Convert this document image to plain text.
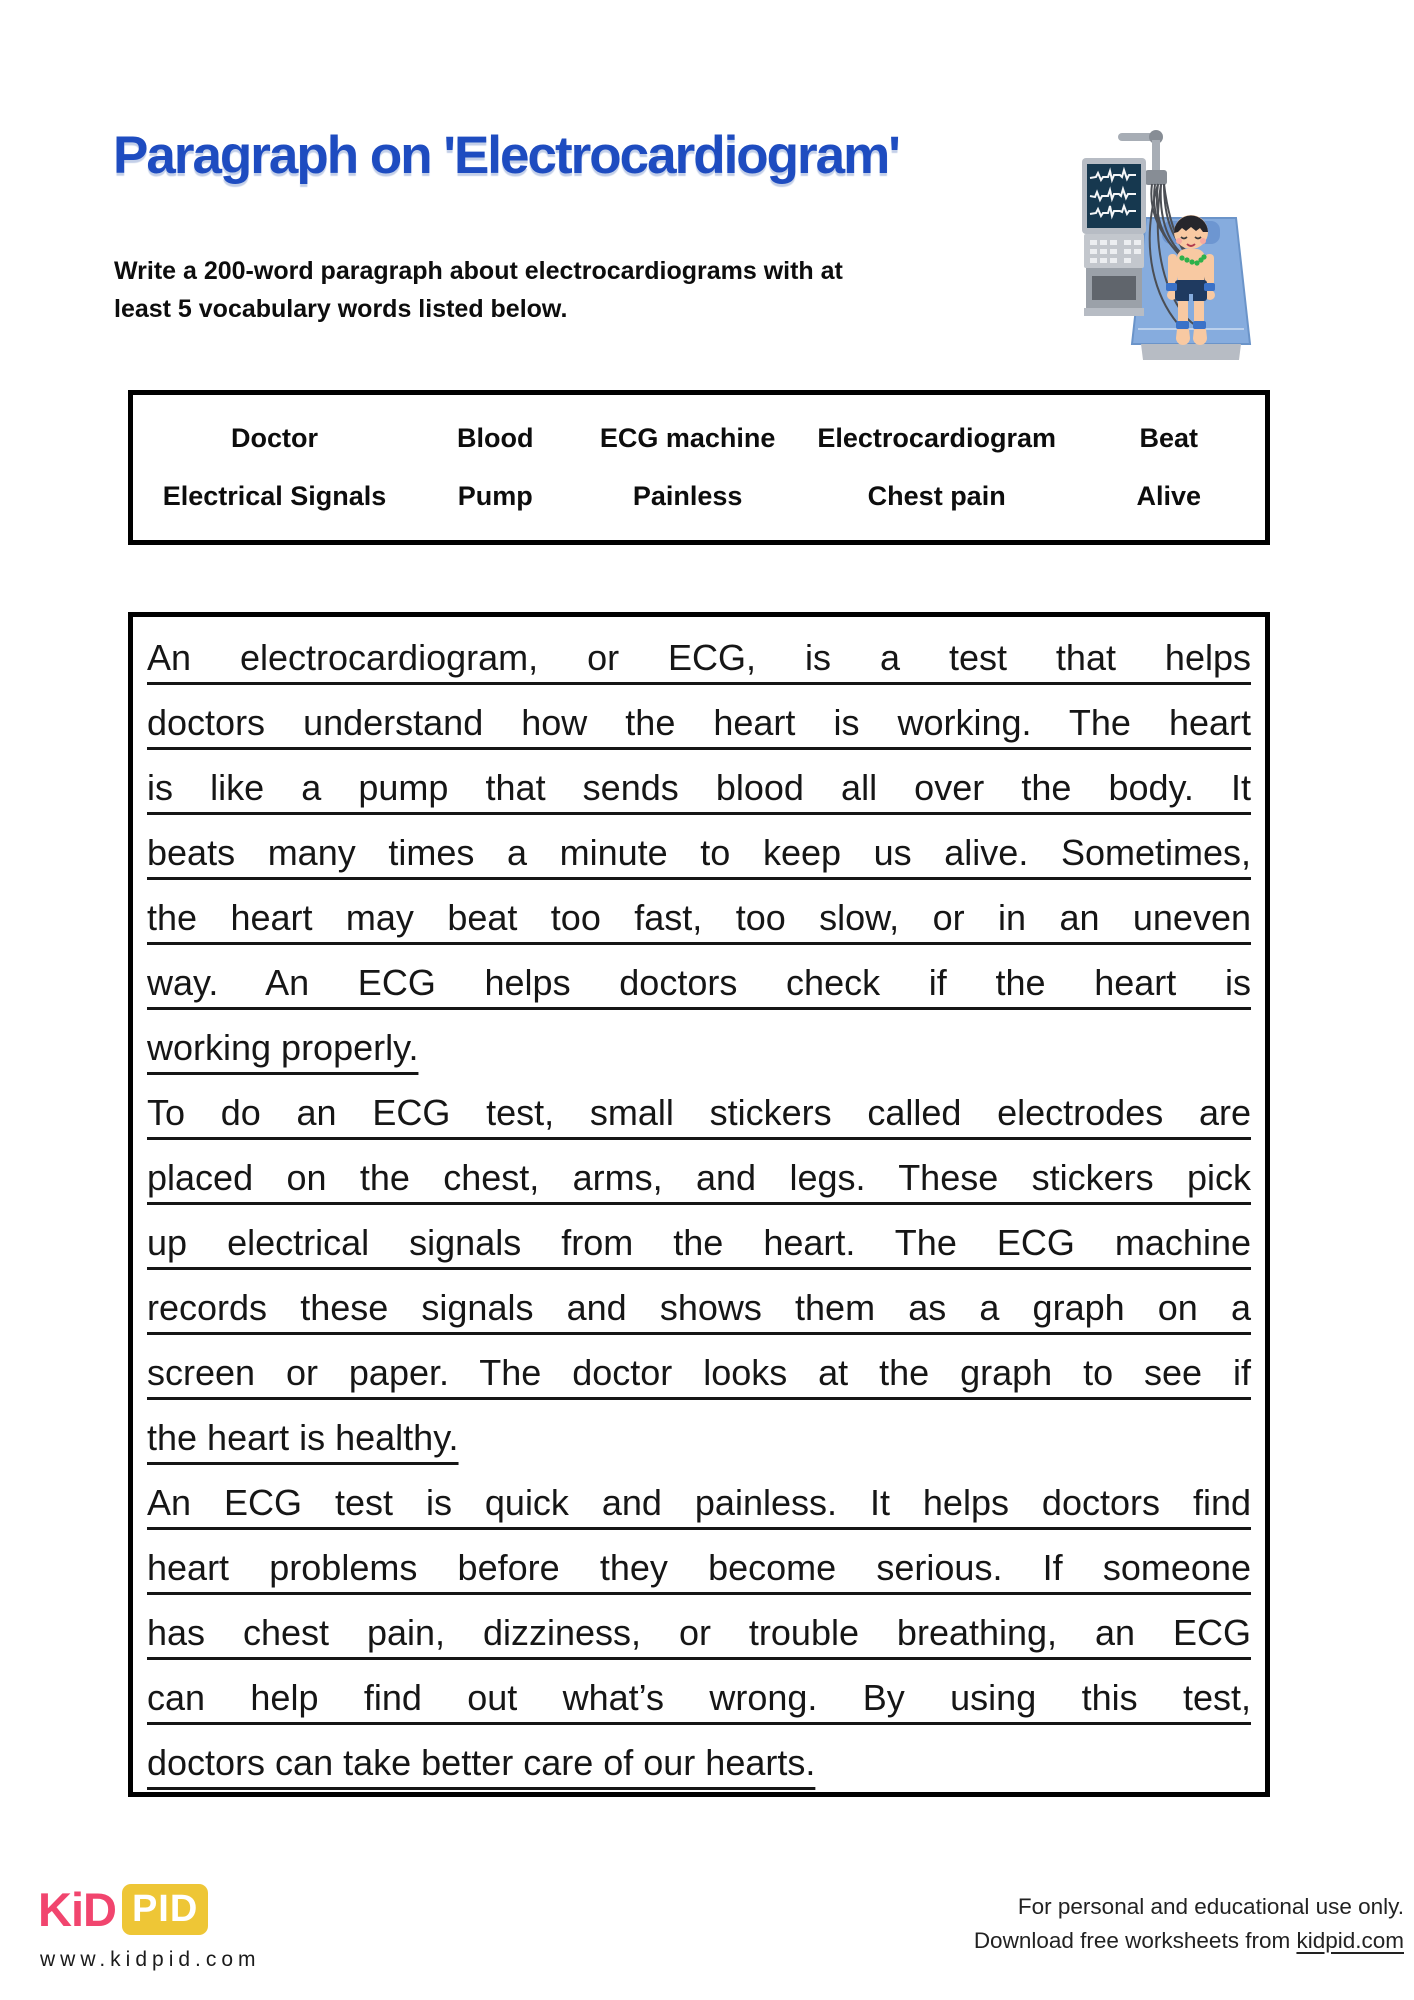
Paragraph on 'Electrocardiogram'
Write a 200-word paragraph about electrocardiograms with at
least 5 vocabulary words listed below.
Doctor	Blood	ECG machine	Electrocardiogram	Beat
Electrical Signals	Pump	Painless	Chest pain	Alive
An electrocardiogram, or ECG, is a test that helps
doctors understand how the heart is working. The heart
is like a pump that sends blood all over the body. It
beats many times a minute to keep us alive. Sometimes,
the heart may beat too fast, too slow, or in an uneven
way. An ECG helps doctors check if the heart is
working properly.
To do an ECG test, small stickers called electrodes are
placed on the chest, arms, and legs. These stickers pick
up electrical signals from the heart. The ECG machine
records these signals and shows them as a graph on a
screen or paper. The doctor looks at the graph to see if
the heart is healthy.
An ECG test is quick and painless. It helps doctors find
heart problems before they become serious. If someone
has chest pain, dizziness, or trouble breathing, an ECG
can help find out what’s wrong. By using this test,
doctors can take better care of our hearts.
KiD PID
www.kidpid.com
For personal and educational use only.
Download free worksheets from kidpid.com
